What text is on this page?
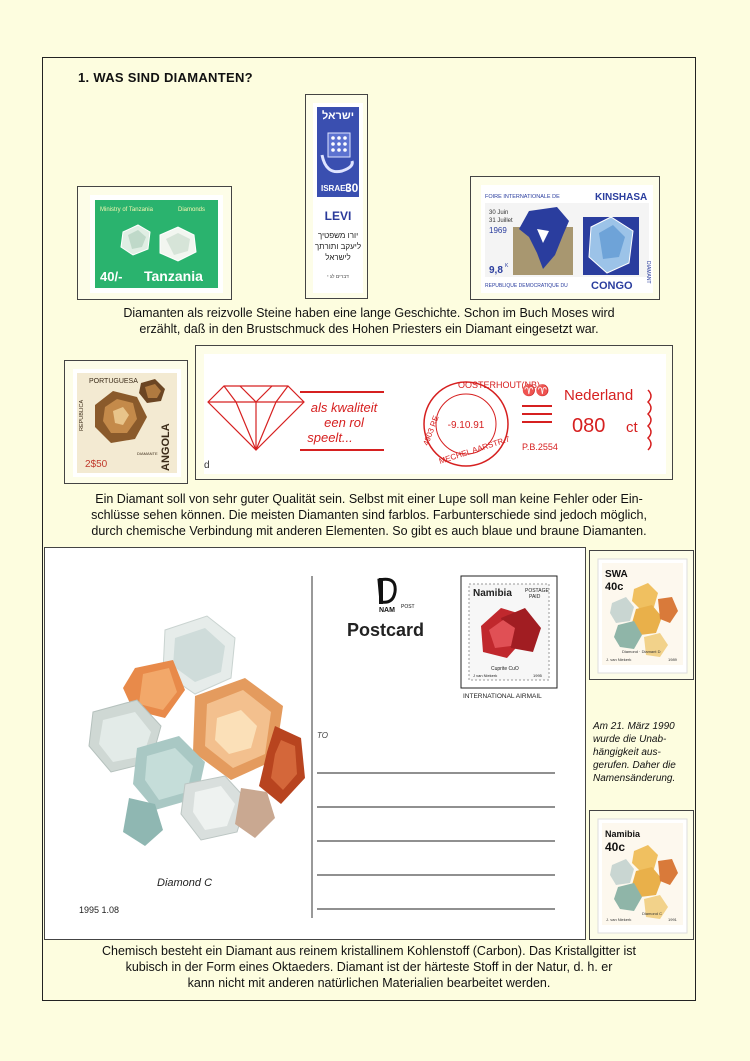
1. WAS SIND DIAMANTEN?
Ministry of Tanzania	Diamonds
40/- Tanzania
ישראל
ISRAEL
30
LEVI
יורו משפטיך
ליעקב ותורתך
לישראל
דברים לג י
FOIRE INTERNATIONALE DE	KINSHASA
30 Juin
31 Juillet
1969
DIAMANT
9,8 K
REPUBLIQUE DEMOCRATIQUE DU CONGO
Diamanten als reizvolle Steine haben eine lange Geschichte. Schon im Buch Moses wird
erzählt, daß in den Brustschmuck des Hohen Priesters ein Diamant eingesetzt war.
PORTUGUESA
REPUBLICA
DIAMANTE
2$50	ANGOLA
als kwaliteit
een rol
speelt...
OOSTERHOUT(NB)
4903 RE
MECHEL AARSTR.7
-9.10.91
♈♈ Nederland
080 ct
P.B.2554
d
Ein Diamant soll von sehr guter Qualität sein. Selbst mit einer Lupe soll man keine Fehler oder Ein-
schlüsse sehen können. Die meisten Diamanten sind farblos. Farbunterschiede sind jedoch möglich,
durch chemische Verbindung mit anderen Elementen. So gibt es auch blaue und braune Diamanten.
Diamond C
1995 1.08
NAM POST
Postcard
Namibia	POSTAGE
PAID
Cuprite CuO
J van Niekerk	1995
INTERNATIONAL AIRMAIL
TO
SWA
40c
Diamond · Diamant D
J. van Niekerk	1989
Am 21. März 1990
wurde die Unab-
hängigkeit aus-
gerufen. Daher die
Namensänderung.
Namibia
40c
Diamond C
J. van Niekerk	1991
Chemisch besteht ein Diamant aus reinem kristallinem Kohlenstoff (Carbon). Das Kristallgitter ist
kubisch in der Form eines Oktaeders. Diamant ist der härteste Stoff in der Natur, d. h. er
kann nicht mit anderen natürlichen Materialien bearbeitet werden.
